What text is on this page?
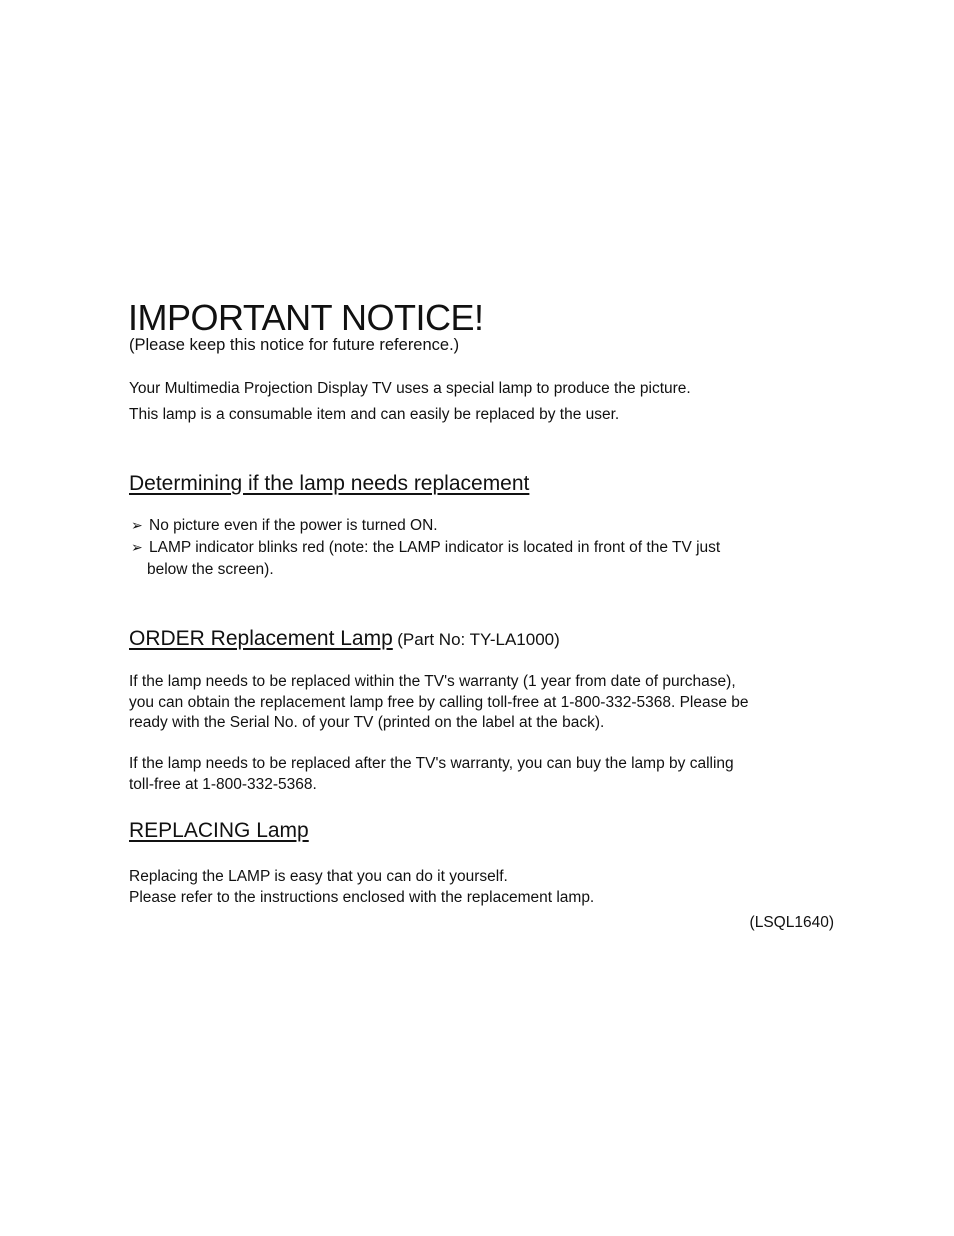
IMPORTANT NOTICE!
(Please keep this notice for future reference.)
Your Multimedia Projection Display TV uses a special lamp to produce the picture.
This lamp is a consumable item and can easily be replaced by the user.
Determining if the lamp needs replacement
➢ No picture even if the power is turned ON.
➢ LAMP indicator blinks red (note: the LAMP indicator is located in front of the TV just
below the screen).
ORDER Replacement Lamp (Part No: TY-LA1000)
If the lamp needs to be replaced within the TV's warranty (1 year from date of purchase),
you can obtain the replacement lamp free by calling toll-free at 1-800-332-5368. Please be
ready with the Serial No. of your TV (printed on the label at the back).
If the lamp needs to be replaced after the TV's warranty, you can buy the lamp by calling
toll-free at 1-800-332-5368.
REPLACING Lamp
Replacing the LAMP is easy that you can do it yourself.
Please refer to the instructions enclosed with the replacement lamp.
(LSQL1640)
